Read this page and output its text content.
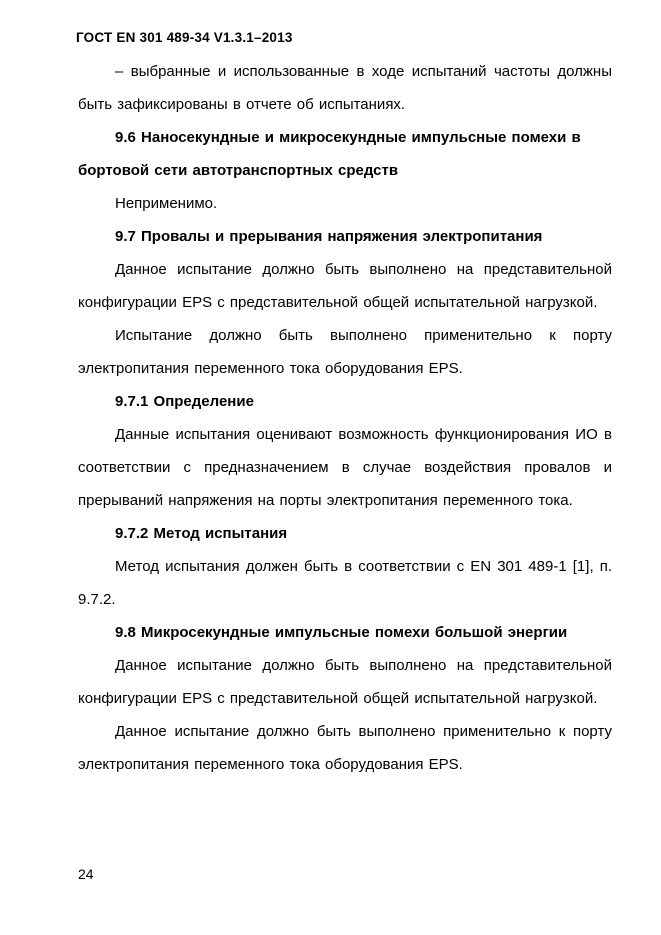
ГОСТ EN 301 489-34 V1.3.1–2013

– выбранные и использованные в ходе испытаний частоты должны быть зафиксированы в отчете об испытаниях.

9.6 Наносекундные и микросекундные импульсные помехи в бортовой сети автотранспортных средств

Неприменимо.

9.7 Провалы и прерывания напряжения электропитания

Данное испытание должно быть выполнено на представительной конфигурации EPS с представительной общей испытательной нагрузкой.

Испытание должно быть выполнено применительно к порту электропитания переменного тока оборудования EPS.

9.7.1 Определение

Данные испытания оценивают возможность функционирования ИО в соответствии с предназначением в случае воздействия провалов и прерываний напряжения на порты электропитания переменного тока.

9.7.2 Метод испытания

Метод испытания должен быть в соответствии с EN 301 489-1 [1], п. 9.7.2.

9.8 Микросекундные импульсные помехи большой энергии

Данное испытание должно быть выполнено на представительной конфигурации EPS с представительной общей испытательной нагрузкой.

Данное испытание должно быть выполнено применительно к порту электропитания переменного тока оборудования EPS.

24
